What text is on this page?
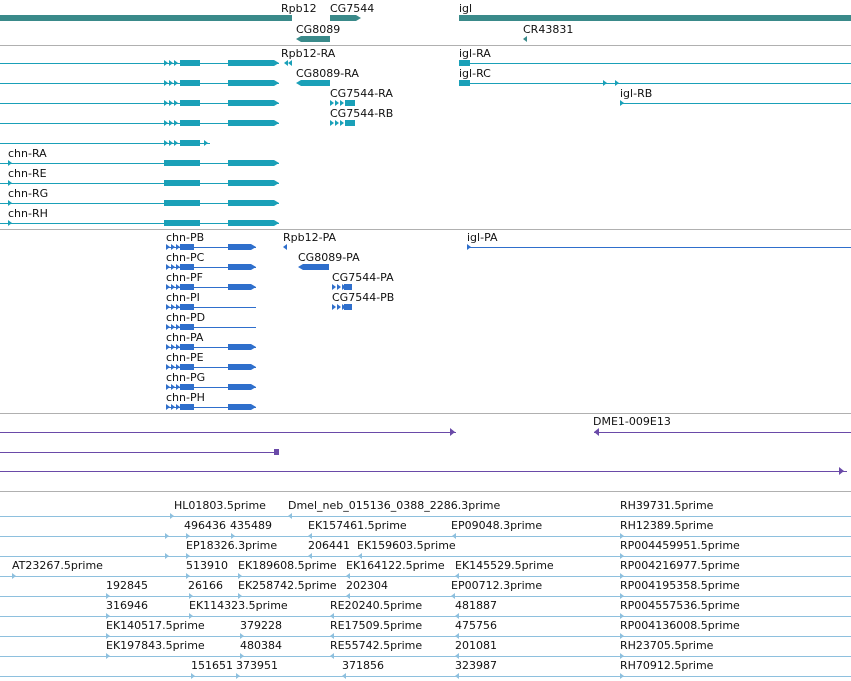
Rpb12 CG7544	igl
CG8089	CR43831
Rpb12-RA	igl-RA
igl-RC
CG8089-RA
CG7544-RA	igl-RB
CG7544-RB
chn-RA
chn-RE
chn-RG
chn-RH
chn-PB	Rpb12-PA	igl-PA
chn-PC	CG8089-PA
chn-PF	CG7544-PA
chn-PI	CG7544-PB
chn-PD
chn-PA
chn-PE
chn-PG
chn-PH
DME1-009E13
HL01803.5prime Dmel_neb_015136_0388_2286.3prime	RH39731.5prime
496436 435489	EK157461.5prime	EP09048.3prime	RH12389.5prime
EP18326.3prime	206441 EK159603.5prime	RP004459951.5prime
AT23267.5prime	513910 EK189608.5prime EK164122.5prime EK145529.5prime	RP004216977.5prime
192845	26166 EK258742.5prime 202304	EP00712.3prime	RP004195358.5prime
316946	EK114323.5prime	RE20240.5prime	481887	RP004557536.5prime
EK140517.5prime	379228	RE17509.5prime	475756	RP004136008.5prime
EK197843.5prime	480384	RE55742.5prime	201081	RH23705.5prime
151651 373951	371856	323987	RH70912.5prime
